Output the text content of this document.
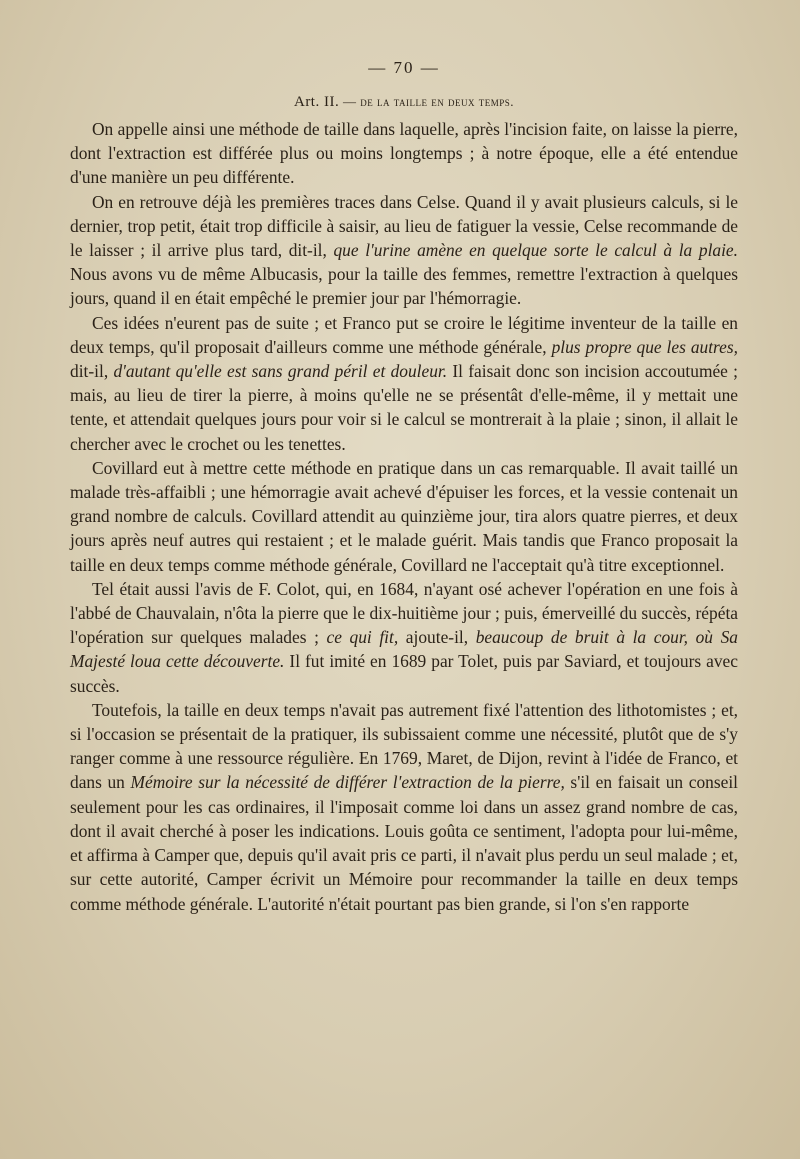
— 70 —
Art. II. — de la taille en deux temps.

On appelle ainsi une méthode de taille dans laquelle, après l'incision faite, on laisse la pierre, dont l'extraction est différée plus ou moins longtemps ; à notre époque, elle a été entendue d'une manière un peu différente.

On en retrouve déjà les premières traces dans Celse. Quand il y avait plusieurs calculs, si le dernier, trop petit, était trop difficile à saisir, au lieu de fatiguer la vessie, Celse recommande de le laisser ; il arrive plus tard, dit-il, que l'urine amène en quelque sorte le calcul à la plaie. Nous avons vu de même Albucasis, pour la taille des femmes, remettre l'extraction à quelques jours, quand il en était empêché le premier jour par l'hémorragie.

Ces idées n'eurent pas de suite ; et Franco put se croire le légitime inventeur de la taille en deux temps, qu'il proposait d'ailleurs comme une méthode générale, plus propre que les autres, dit-il, d'autant qu'elle est sans grand péril et douleur. Il faisait donc son incision accoutumée ; mais, au lieu de tirer la pierre, à moins qu'elle ne se présentât d'elle-même, il y mettait une tente, et attendait quelques jours pour voir si le calcul se montrerait à la plaie ; sinon, il allait le chercher avec le crochet ou les tenettes.

Covillard eut à mettre cette méthode en pratique dans un cas remarquable. Il avait taillé un malade très-affaibli ; une hémorragie avait achevé d'épuiser les forces, et la vessie contenait un grand nombre de calculs. Covillard attendit au quinzième jour, tira alors quatre pierres, et deux jours après neuf autres qui restaient ; et le malade guérit. Mais tandis que Franco proposait la taille en deux temps comme méthode générale, Covillard ne l'acceptait qu'à titre exceptionnel.

Tel était aussi l'avis de F. Colot, qui, en 1684, n'ayant osé achever l'opération en une fois à l'abbé de Chauvalain, n'ôta la pierre que le dix-huitième jour ; puis, émerveillé du succès, répéta l'opération sur quelques malades ; ce qui fit, ajoute-il, beaucoup de bruit à la cour, où Sa Majesté loua cette découverte. Il fut imité en 1689 par Tolet, puis par Saviard, et toujours avec succès.

Toutefois, la taille en deux temps n'avait pas autrement fixé l'attention des lithotomistes ; et, si l'occasion se présentait de la pratiquer, ils subissaient comme une nécessité, plutôt que de s'y ranger comme à une ressource régulière. En 1769, Maret, de Dijon, revint à l'idée de Franco, et dans un Mémoire sur la nécessité de différer l'extraction de la pierre, s'il en faisait un conseil seulement pour les cas ordinaires, il l'imposait comme loi dans un assez grand nombre de cas, dont il avait cherché à poser les indications. Louis goûta ce sentiment, l'adopta pour lui-même, et affirma à Camper que, depuis qu'il avait pris ce parti, il n'avait plus perdu un seul malade ; et, sur cette autorité, Camper écrivit un Mémoire pour recommander la taille en deux temps comme méthode générale. L'autorité n'était pourtant pas bien grande, si l'on s'en rapporte
